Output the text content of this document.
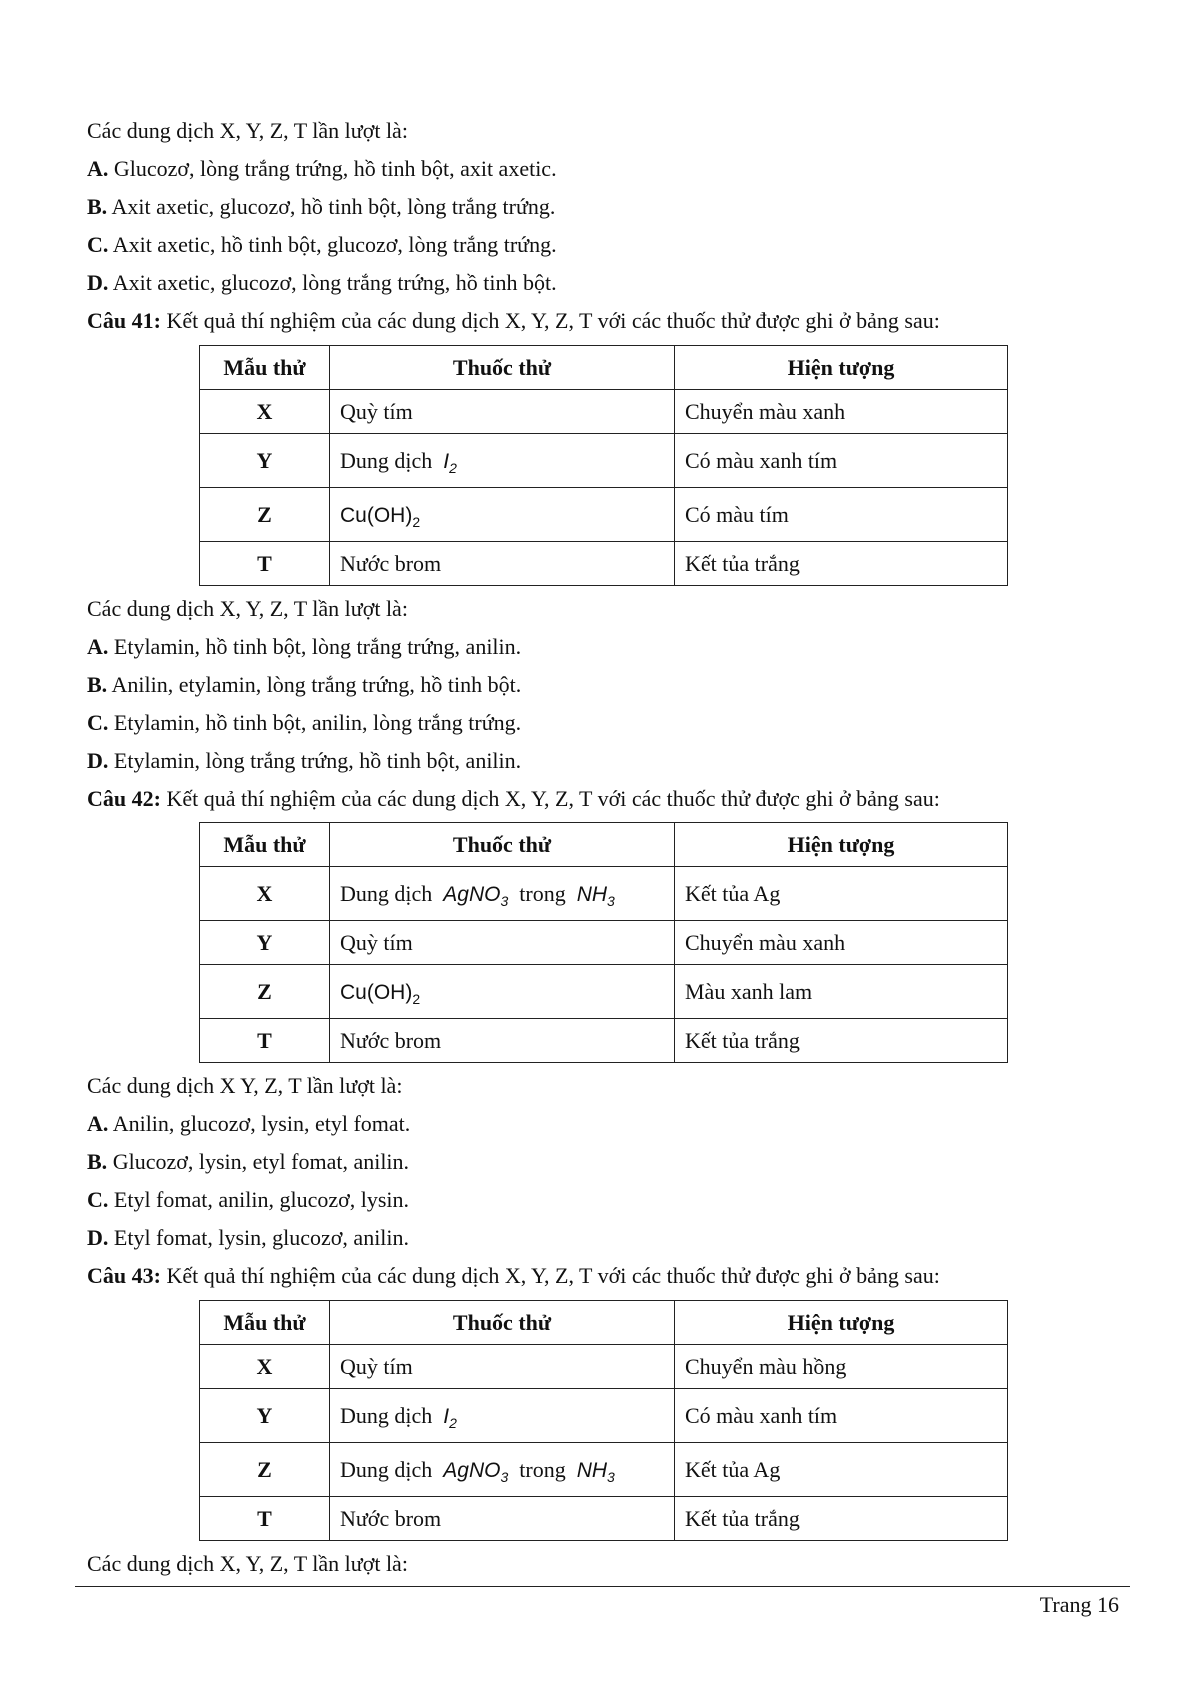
Các dung dịch X, Y, Z, T lần lượt là:
A. Glucozơ, lòng trắng trứng, hồ tinh bột, axit axetic.
B. Axit axetic, glucozơ, hồ tinh bột, lòng trắng trứng.
C. Axit axetic, hồ tinh bột, glucozơ, lòng trắng trứng.
D. Axit axetic, glucozơ, lòng trắng trứng, hồ tinh bột.
Câu 41: Kết quả thí nghiệm của các dung dịch X, Y, Z, T với các thuốc thử được ghi ở bảng sau:
Mẫu thử	Thuốc thử	Hiện tượng
X	Quỳ tím	Chuyển màu xanh
Y	Dung dịch $I_2$	Có màu xanh tím
Z	$Cu(OH)_2$	Có màu tím
T	Nước brom	Kết tủa trắng
Các dung dịch X, Y, Z, T lần lượt là:
A. Etylamin, hồ tinh bột, lòng trắng trứng, anilin.
B. Anilin, etylamin, lòng trắng trứng, hồ tinh bột.
C. Etylamin, hồ tinh bột, anilin, lòng trắng trứng.
D. Etylamin, lòng trắng trứng, hồ tinh bột, anilin.
Câu 42: Kết quả thí nghiệm của các dung dịch X, Y, Z, T với các thuốc thử được ghi ở bảng sau:
Mẫu thử	Thuốc thử	Hiện tượng
X	Dung dịch AgNO$_3$ trong $NH_3$	Kết tủa Ag
Y	Quỳ tím	Chuyển màu xanh
Z	$Cu(OH)_2$	Màu xanh lam
T	Nước brom	Kết tủa trắng
Các dung dịch X Y, Z, T lần lượt là:
A. Anilin, glucozơ, lysin, etyl fomat.
B. Glucozơ, lysin, etyl fomat, anilin.
C. Etyl fomat, anilin, glucozơ, lysin.
D. Etyl fomat, lysin, glucozơ, anilin.
Câu 43: Kết quả thí nghiệm của các dung dịch X, Y, Z, T với các thuốc thử được ghi ở bảng sau:
Mẫu thử	Thuốc thử	Hiện tượng
X	Quỳ tím	Chuyển màu hồng
Y	Dung dịch $I_2$	Có màu xanh tím
Z	Dung dịch AgNO$_3$ trong $NH_3$	Kết tủa Ag
T	Nước brom	Kết tủa trắng
Các dung dịch X, Y, Z, T lần lượt là:
Trang 16
